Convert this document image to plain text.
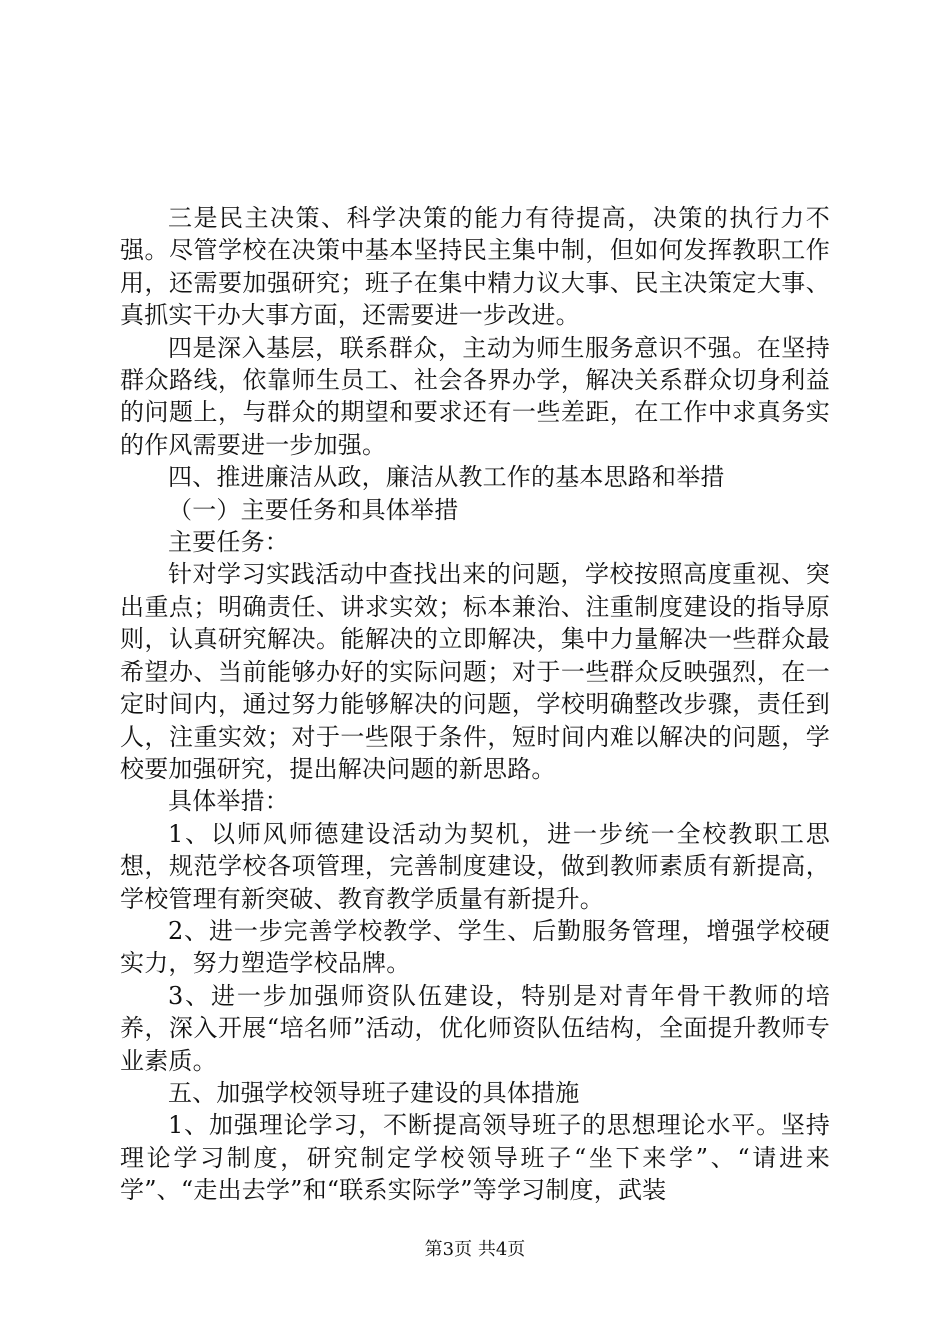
三是民主决策、科学决策的能力有待提高，决策的执行力不强。尽管学校在决策中基本坚持民主集中制，但如何发挥教职工作用，还需要加强研究；班子在集中精力议大事、民主决策定大事、真抓实干办大事方面，还需要进一步改进。

四是深入基层，联系群众，主动为师生服务意识不强。在坚持群众路线，依靠师生员工、社会各界办学，解决关系群众切身利益的问题上，与群众的期望和要求还有一些差距，在工作中求真务实的作风需要进一步加强。

四、推进廉洁从政，廉洁从教工作的基本思路和举措

（一）主要任务和具体举措

主要任务：

针对学习实践活动中查找出来的问题，学校按照高度重视、突出重点；明确责任、讲求实效；标本兼治、注重制度建设的指导原则，认真研究解决。能解决的立即解决，集中力量解决一些群众最希望办、当前能够办好的实际问题；对于一些群众反映强烈，在一定时间内，通过努力能够解决的问题，学校明确整改步骤，责任到人，注重实效；对于一些限于条件，短时间内难以解决的问题，学校要加强研究，提出解决问题的新思路。

具体举措：

1、以师风师德建设活动为契机，进一步统一全校教职工思想，规范学校各项管理，完善制度建设，做到教师素质有新提高，学校管理有新突破、教育教学质量有新提升。

2、进一步完善学校教学、学生、后勤服务管理，增强学校硬实力，努力塑造学校品牌。

3、进一步加强师资队伍建设，特别是对青年骨干教师的培养，深入开展“培名师”活动，优化师资队伍结构，全面提升教师专业素质。

五、加强学校领导班子建设的具体措施

1、加强理论学习，不断提高领导班子的思想理论水平。坚持理论学习制度，研究制定学校领导班子“坐下来学”、“请进来学”、“走出去学”和“联系实际学”等学习制度，武装

第3页 共4页
